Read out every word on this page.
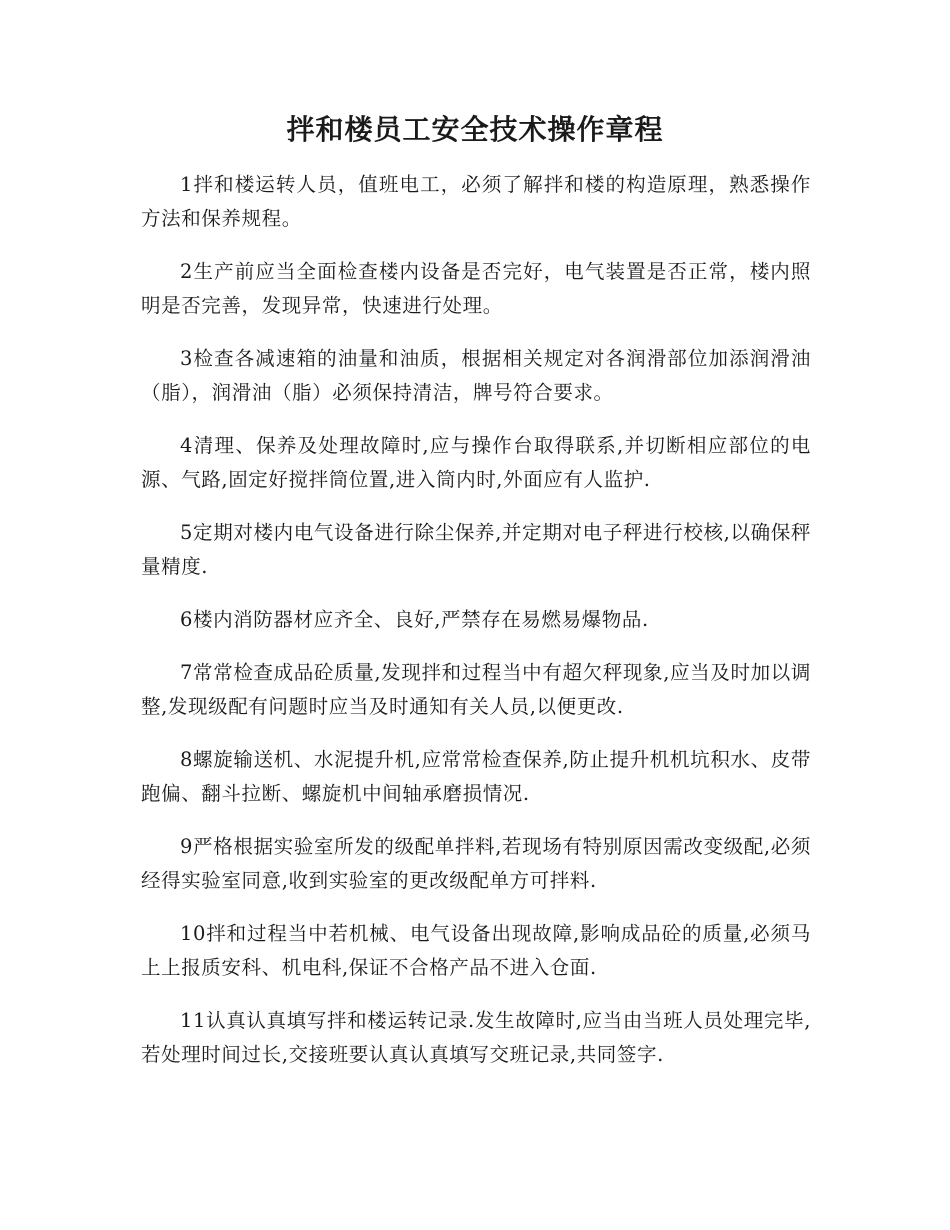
拌和楼员工安全技术操作章程

1拌和楼运转人员，值班电工，必须了解拌和楼的构造原理，熟悉操作方法和保养规程。

2生产前应当全面检查楼内设备是否完好，电气装置是否正常，楼内照明是否完善，发现异常，快速进行处理。

3检查各减速箱的油量和油质，根据相关规定对各润滑部位加添润滑油（脂），润滑油（脂）必须保持清洁，牌号符合要求。

4清理、保养及处理故障时,应与操作台取得联系,并切断相应部位的电源、气路,固定好搅拌筒位置,进入筒内时,外面应有人监护.

5定期对楼内电气设备进行除尘保养,并定期对电子秤进行校核,以确保秤量精度.

6楼内消防器材应齐全、良好,严禁存在易燃易爆物品.

7常常检查成品砼质量,发现拌和过程当中有超欠秤现象,应当及时加以调整,发现级配有问题时应当及时通知有关人员,以便更改.

8螺旋输送机、水泥提升机,应常常检查保养,防止提升机机坑积水、皮带跑偏、翻斗拉断、螺旋机中间轴承磨损情况.

9严格根据实验室所发的级配单拌料,若现场有特别原因需改变级配,必须经得实验室同意,收到实验室的更改级配单方可拌料.

10拌和过程当中若机械、电气设备出现故障,影响成品砼的质量,必须马上上报质安科、机电科,保证不合格产品不进入仓面.

11认真认真填写拌和楼运转记录.发生故障时,应当由当班人员处理完毕,若处理时间过长,交接班要认真认真填写交班记录,共同签字.
